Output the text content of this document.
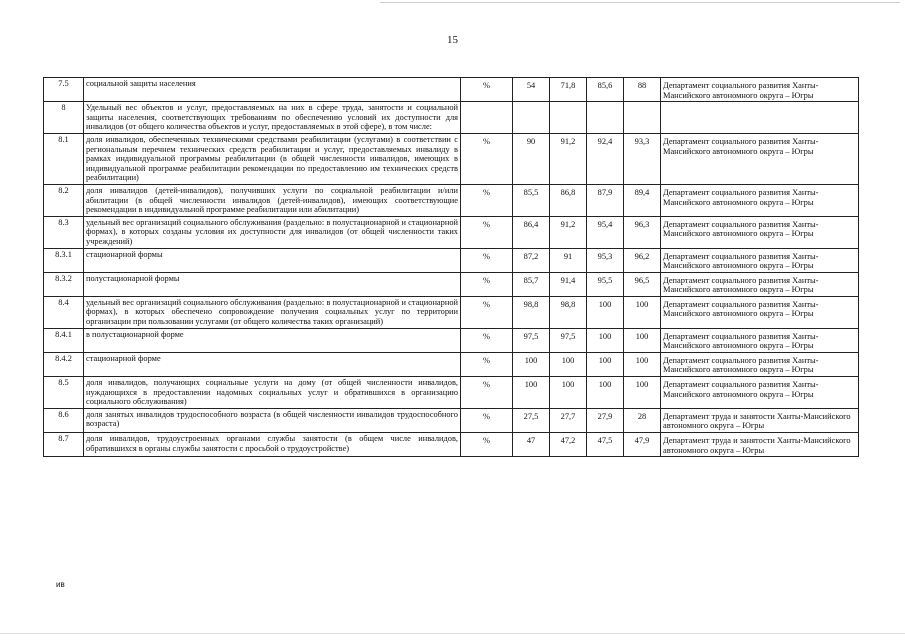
15
7.5	социальной защиты населения	%	54	71,8	85,6	88	Департамент социального развития Ханты-Мансийского автономного округа – Югры
8	Удельный вес объектов и услуг, предоставляемых на них в сфере труда, занятости и социальной защиты населения, соответствующих требованиям по обеспечению условий их доступности для инвалидов (от общего количества объектов и услуг, предоставляемых в этой сфере), в том числе:						
8.1	доля инвалидов, обеспеченных техническими средствами реабилитации (услугами) в соответствии с региональным перечнем технических средств реабилитации и услуг, предоставляемых инвалиду в рамках индивидуальной программы реабилитации (в общей численности инвалидов, имеющих в индивидуальной программе реабилитации рекомендации по предоставлению им технических средств реабилитации)	%	90	91,2	92,4	93,3	Департамент социального развития Ханты-Мансийского автономного округа – Югры
8.2	доля инвалидов (детей-инвалидов), получивших услуги по социальной реабилитации и/или абилитации (в общей численности инвалидов (детей-инвалидов), имеющих соответствующие рекомендации в индивидуальной программе реабилитации или абилитации)	%	85,5	86,8	87,9	89,4	Департамент социального развития Ханты-Мансийского автономного округа – Югры
8.3	удельный вес организаций социального обслуживания (раздельно: в полустационарной и стационарной формах), в которых созданы условия их доступности для инвалидов (от общей численности таких учреждений)	%	86,4	91,2	95,4	96,3	Департамент социального развития Ханты-Мансийского автономного округа – Югры
8.3.1	стационарной формы	%	87,2	91	95,3	96,2	Департамент социального развития Ханты-Мансийского автономного округа – Югры
8.3.2	полустационарной формы	%	85,7	91,4	95,5	96,5	Департамент социального развития Ханты-Мансийского автономного округа – Югры
8.4	удельный вес организаций социального обслуживания (раздельно: в полустационарной и стационарной формах), в которых обеспечено сопровождение получения социальных услуг по территории организации при пользовании услугами (от общего количества таких организаций)	%	98,8	98,8	100	100	Департамент социального развития Ханты-Мансийского автономного округа – Югры
8.4.1	в полустационарной форме	%	97,5	97,5	100	100	Департамент социального развития Ханты-Мансийского автономного округа – Югры
8.4.2	стационарной форме	%	100	100	100	100	Департамент социального развития Ханты-Мансийского автономного округа – Югры
8.5	доля инвалидов, получающих социальные услуги на дому (от общей численности инвалидов, нуждающихся в предоставлении надомных социальных услуг и обратившихся в организацию социального обслуживания)	%	100	100	100	100	Департамент социального развития Ханты-Мансийского автономного округа – Югры
8.6	доля занятых инвалидов трудоспособного возраста (в общей численности инвалидов трудоспособного возраста)	%	27,5	27,7	27,9	28	Департамент труда и занятости Ханты-Мансийского автономного округа – Югры
8.7	доля инвалидов, трудоустроенных органами службы занятости (в общем числе инвалидов, обратившихся в органы службы занятости с просьбой о трудоустройстве)	%	47	47,2	47,5	47,9	Департамент труда и занятости Ханты-Мансийского автономного округа – Югры
ив
